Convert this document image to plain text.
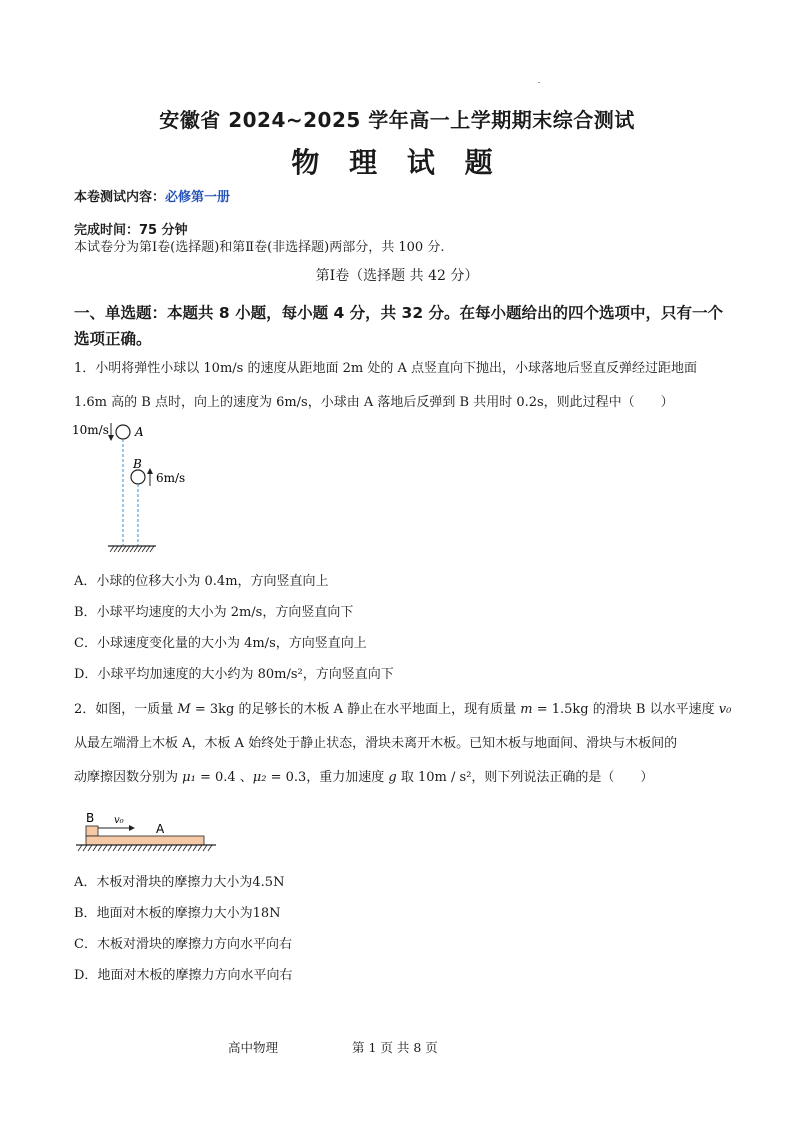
安徽省 2024~2025 学年高一上学期期末综合测试
物 理 试 题
本卷测试内容：必修第一册
完成时间：75 分钟
本试卷分为第Ⅰ卷(选择题)和第Ⅱ卷(非选择题)两部分，共 100 分.
第Ⅰ卷（选择题 共 42 分）
一、单选题：本题共 8 小题，每小题 4 分，共 32 分。在每小题给出的四个选项中，只有一个
选项正确。
1．小明将弹性小球以 10m/s 的速度从距地面 2m 处的 A 点竖直向下抛出，小球落地后竖直反弹经过距地面
1.6m 高的 B 点时，向上的速度为 6m/s，小球由 A 落地后反弹到 B 共用时 0.2s，则此过程中（　　）
10m/s A
B
6m/s
A．小球的位移大小为 0.4m，方向竖直向上
B．小球平均速度的大小为 2m/s，方向竖直向下
C．小球速度变化量的大小为 4m/s，方向竖直向上
D．小球平均加速度的大小约为 80m/s²，方向竖直向下
2．如图，一质量 M = 3kg 的足够长的木板 A 静止在水平地面上，现有质量 m = 1.5kg 的滑块 B 以水平速度 v₀
从最左端滑上木板 A，木板 A 始终处于静止状态，滑块未离开木板。已知木板与地面间、滑块与木板间的
动摩擦因数分别为 μ₁ = 0.4 、μ₂ = 0.3，重力加速度 g 取 10m / s²，则下列说法正确的是（　　）
B v₀
A
A．木板对滑块的摩擦力大小为4.5N
B．地面对木板的摩擦力大小为18N
C．木板对滑块的摩擦力方向水平向右
D．地面对木板的摩擦力方向水平向右
高中物理	第 1 页 共 8 页
